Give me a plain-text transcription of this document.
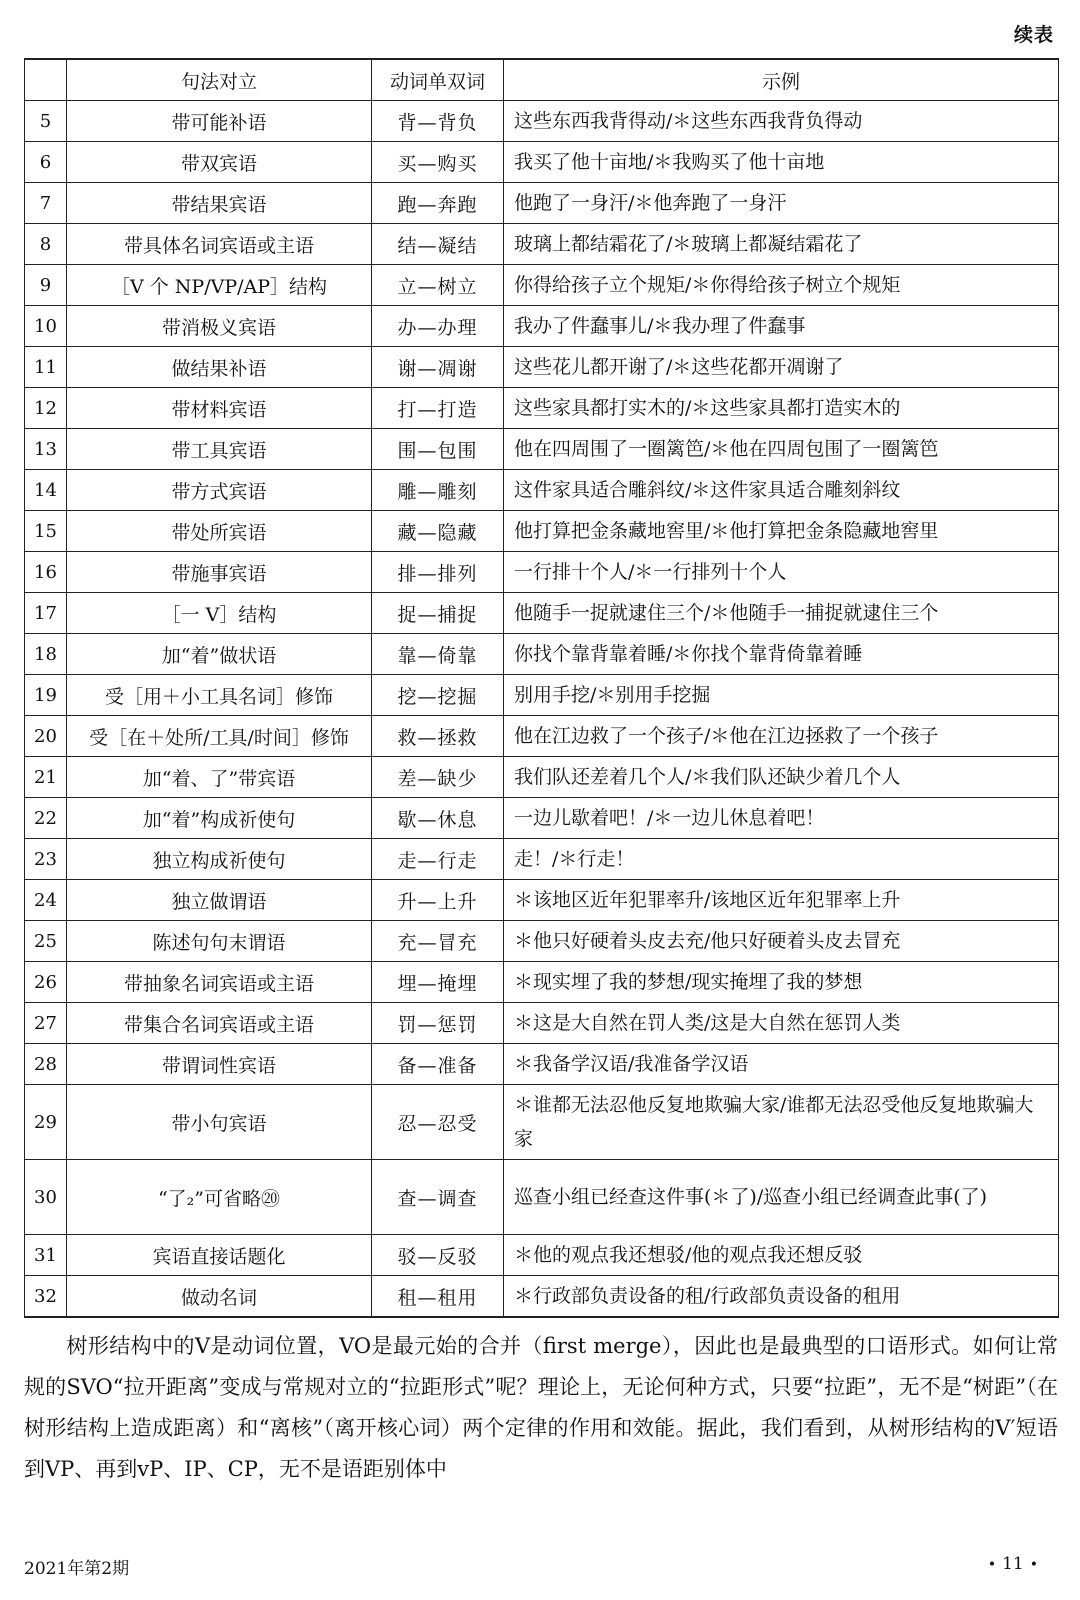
续表
	句法对立	动词单双词	示例
5	带可能补语	背—背负	这些东西我背得动/＊这些东西我背负得动
6	带双宾语	买—购买	我买了他十亩地/＊我购买了他十亩地
7	带结果宾语	跑—奔跑	他跑了一身汗/＊他奔跑了一身汗
8	带具体名词宾语或主语	结—凝结	玻璃上都结霜花了/＊玻璃上都凝结霜花了
9	［V 个 NP/VP/AP］结构	立—树立	你得给孩子立个规矩/＊你得给孩子树立个规矩
10	带消极义宾语	办—办理	我办了件蠢事儿/＊我办理了件蠢事
11	做结果补语	谢—凋谢	这些花儿都开谢了/＊这些花都开凋谢了
12	带材料宾语	打—打造	这些家具都打实木的/＊这些家具都打造实木的
13	带工具宾语	围—包围	他在四周围了一圈篱笆/＊他在四周包围了一圈篱笆
14	带方式宾语	雕—雕刻	这件家具适合雕斜纹/＊这件家具适合雕刻斜纹
15	带处所宾语	藏—隐藏	他打算把金条藏地窖里/＊他打算把金条隐藏地窖里
16	带施事宾语	排—排列	一行排十个人/＊一行排列十个人
17	［一 V］结构	捉—捕捉	他随手一捉就逮住三个/＊他随手一捕捉就逮住三个
18	加“着”做状语	靠—倚靠	你找个靠背靠着睡/＊你找个靠背倚靠着睡
19	受［用＋小工具名词］修饰	挖—挖掘	别用手挖/＊别用手挖掘
20	受［在＋处所/工具/时间］修饰	救—拯救	他在江边救了一个孩子/＊他在江边拯救了一个孩子
21	加“着、了”带宾语	差—缺少	我们队还差着几个人/＊我们队还缺少着几个人
22	加“着”构成祈使句	歇—休息	一边儿歇着吧！/＊一边儿休息着吧！
23	独立构成祈使句	走—行走	走！/＊行走！
24	独立做谓语	升—上升	＊该地区近年犯罪率升/该地区近年犯罪率上升
25	陈述句句末谓语	充—冒充	＊他只好硬着头皮去充/他只好硬着头皮去冒充
26	带抽象名词宾语或主语	埋—掩埋	＊现实埋了我的梦想/现实掩埋了我的梦想
27	带集合名词宾语或主语	罚—惩罚	＊这是大自然在罚人类/这是大自然在惩罚人类
28	带谓词性宾语	备—准备	＊我备学汉语/我准备学汉语
29	带小句宾语	忍—忍受	＊谁都无法忍他反复地欺骗大家/谁都无法忍受他反复地欺骗大家
30	“了₂”可省略⑳	查—调查	巡查小组已经查这件事(＊了)/巡查小组已经调查此事(了)
31	宾语直接话题化	驳—反驳	＊他的观点我还想驳/他的观点我还想反驳
32	做动名词	租—租用	＊行政部负责设备的租/行政部负责设备的租用

树形结构中的V是动词位置，VO是最元始的合并（first merge），因此也是最典型的口语形式。如何让常规的SVO“拉开距离”变成与常规对立的“拉距形式”呢？理论上，无论何种方式，只要“拉距”，无不是“树距”（在树形结构上造成距离）和“离核”（离开核心词）两个定律的作用和效能。据此，我们看到，从树形结构的V′短语到VP、再到vP、IP、CP，无不是语距别体中

2021年第2期	• 11 •
